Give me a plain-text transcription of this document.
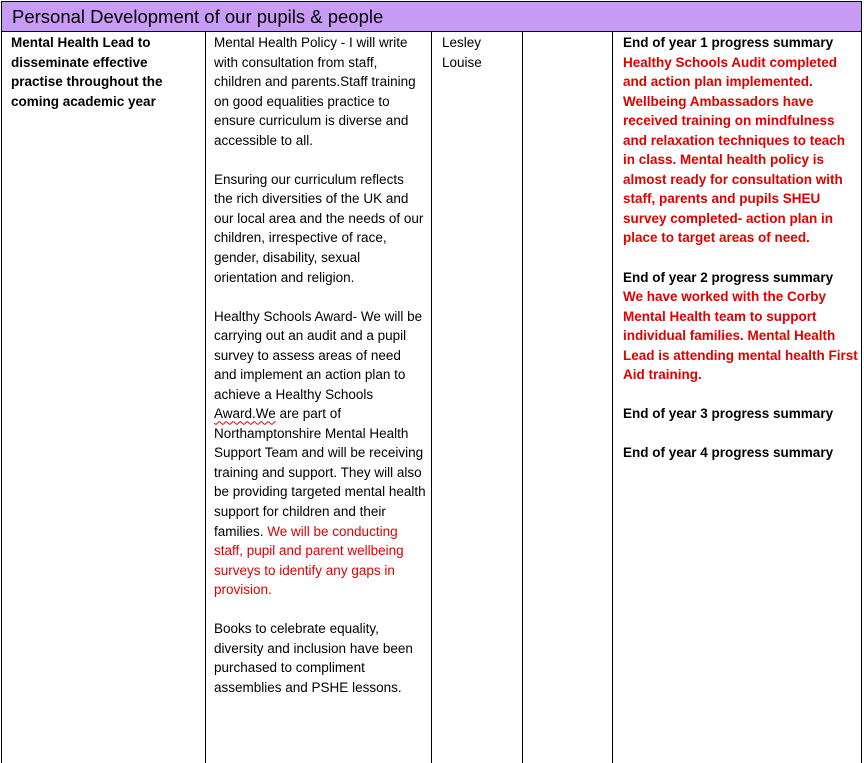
Personal Development of our pupils & people
Mental Health Lead to disseminate effective practise throughout the coming academic year

Mental Health Policy - I will write with consultation from staff, children and parents.Staff training on good equalities practice to ensure curriculum is diverse and accessible to all.

Ensuring our curriculum reflects the rich diversities of the UK and our local area and the needs of our children, irrespective of race, gender, disability, sexual orientation and religion.

Healthy Schools Award- We will be carrying out an audit and a pupil survey to assess areas of need and implement an action plan to achieve a Healthy Schools Award.We are part of Northamptonshire Mental Health Support Team and will be receiving training and support. They will also be providing targeted mental health support for children and their families. We will be conducting staff, pupil and parent wellbeing surveys to identify any gaps in provision.

Books to celebrate equality, diversity and inclusion have been purchased to compliment assemblies and PSHE lessons.

Lesley Louise

End of year 1 progress summary

Healthy Schools Audit completed and action plan implemented. Wellbeing Ambassadors have received training on mindfulness and relaxation techniques to teach in class. Mental health policy is almost ready for consultation with staff, parents and pupils SHEU survey completed- action plan in place to target areas of need.

End of year 2 progress summary

We have worked with the Corby Mental Health team to support individual families. Mental Health Lead is attending mental health First Aid training.

End of year 3 progress summary

End of year 4 progress summary
